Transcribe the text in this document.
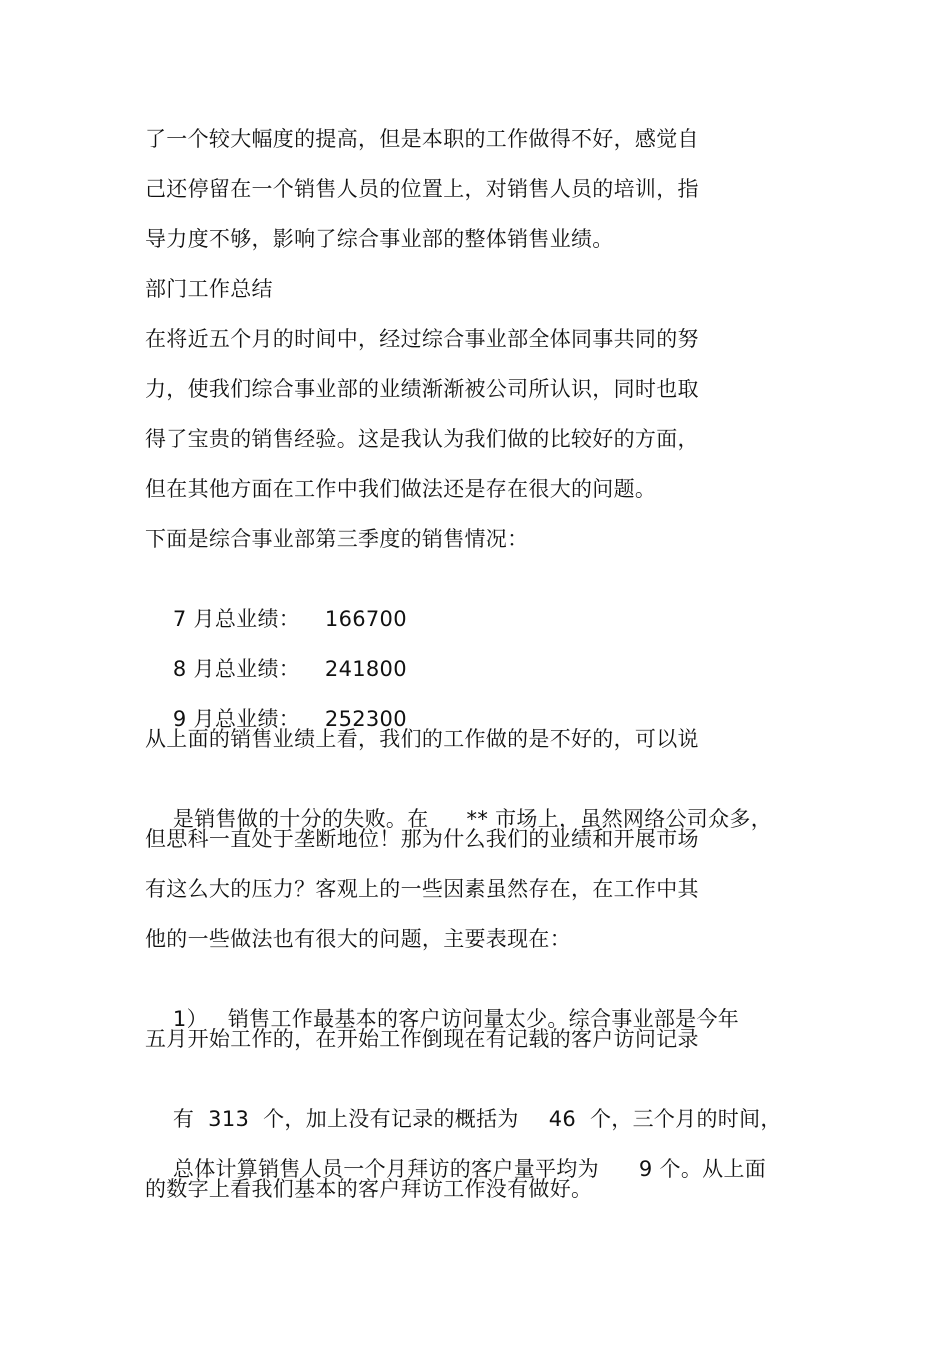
了一个较大幅度的提高，但是本职的工作做得不好，感觉自
己还停留在一个销售人员的位置上，对销售人员的培训，指
导力度不够，影响了综合事业部的整体销售业绩。
部门工作总结
在将近五个月的时间中，经过综合事业部全体同事共同的努
力，使我们综合事业部的业绩渐渐被公司所认识，同时也取
得了宝贵的销售经验。这是我认为我们做的比较好的方面，
但在其他方面在工作中我们做法还是存在很大的问题。
下面是综合事业部第三季度的销售情况：

7 月总业绩： 166700

8 月总业绩： 241800

9 月总业绩： 252300

从上面的销售业绩上看，我们的工作做的是不好的，可以说

是销售做的十分的失败。在 ** 市场上，虽然网络公司众多，

但思科一直处于垄断地位！那为什么我们的业绩和开展市场
有这么大的压力？客观上的一些因素虽然存在，在工作中其
他的一些做法也有很大的问题，主要表现在：

1） 销售工作最基本的客户访问量太少。综合事业部是今年

五月开始工作的，在开始工作倒现在有记载的客户访问记录

有  313  个，加上没有记录的概括为 46  个，三个月的时间，

总体计算销售人员一个月拜访的客户量平均为 9 个。从上面

的数字上看我们基本的客户拜访工作没有做好。
